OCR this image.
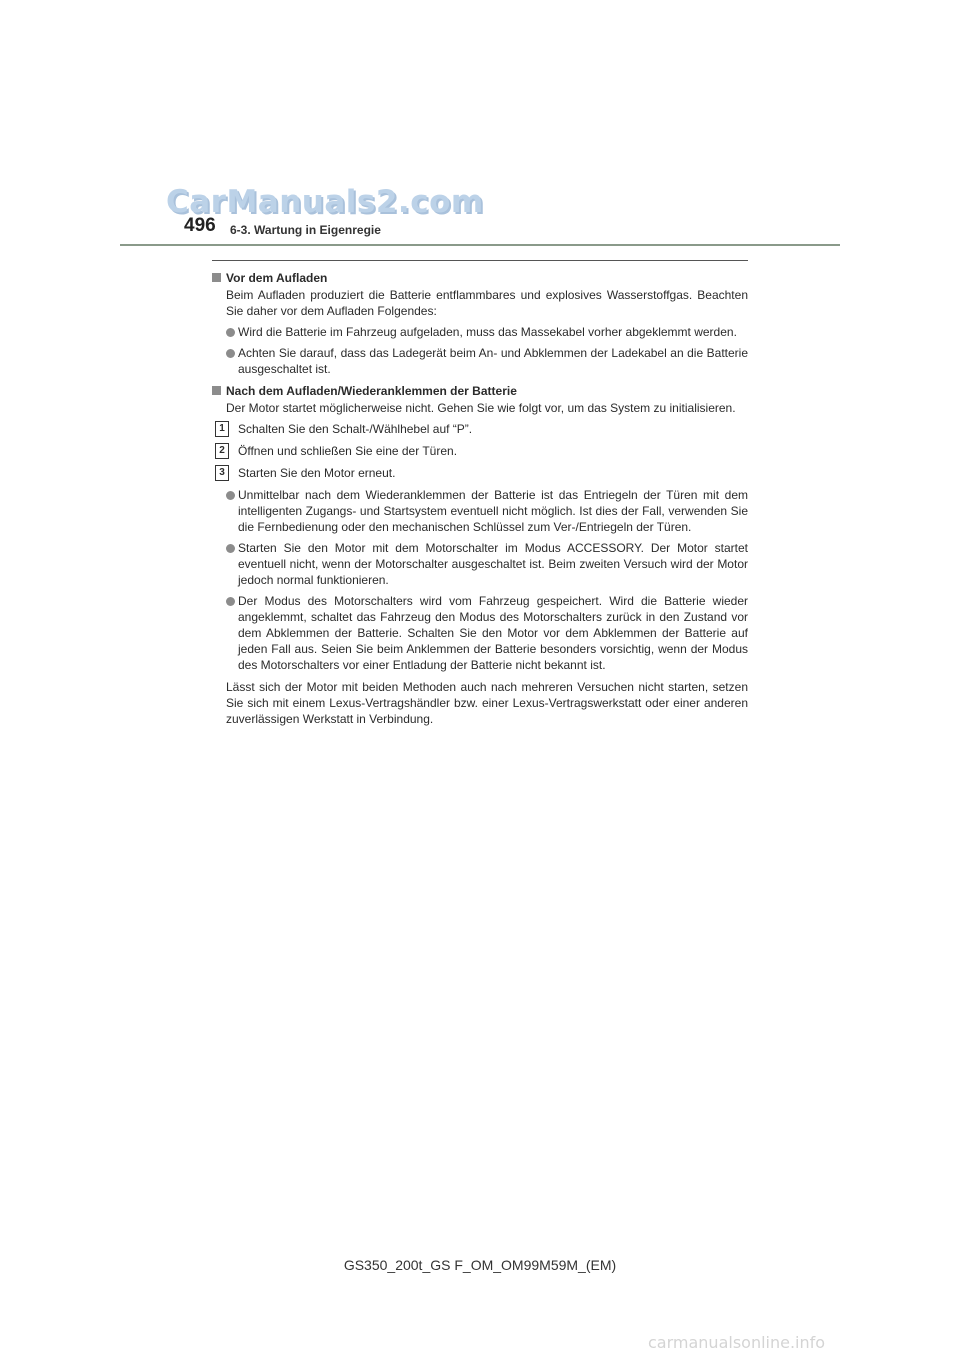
CarManuals2.com
496 6-3. Wartung in Eigenregie

Vor dem Aufladen

Beim Aufladen produziert die Batterie entflammbares und explosives Wasserstoffgas. Beachten Sie daher vor dem Aufladen Folgendes:

Wird die Batterie im Fahrzeug aufgeladen, muss das Massekabel vorher abgeklemmt werden.
Achten Sie darauf, dass das Ladegerät beim An- und Abklemmen der Ladekabel an die Batterie ausgeschaltet ist.

Nach dem Aufladen/Wiederanklemmen der Batterie

Der Motor startet möglicherweise nicht. Gehen Sie wie folgt vor, um das System zu initialisieren.

1	Schalten Sie den Schalt-/Wählhebel auf “P”.
2	Öffnen und schließen Sie eine der Türen.
3	Starten Sie den Motor erneut.
Unmittelbar nach dem Wiederanklemmen der Batterie ist das Entriegeln der Türen mit dem intelligenten Zugangs- und Startsystem eventuell nicht möglich. Ist dies der Fall, verwenden Sie die Fernbedienung oder den mechanischen Schlüssel zum Ver-/Entriegeln der Türen.
Starten Sie den Motor mit dem Motorschalter im Modus ACCESSORY. Der Motor startet eventuell nicht, wenn der Motorschalter ausgeschaltet ist. Beim zweiten Versuch wird der Motor jedoch normal funktionieren.
Der Modus des Motorschalters wird vom Fahrzeug gespeichert. Wird die Batterie wieder angeklemmt, schaltet das Fahrzeug den Modus des Motorschalters zurück in den Zustand vor dem Abklemmen der Batterie. Schalten Sie den Motor vor dem Abklemmen der Batterie auf jeden Fall aus. Seien Sie beim Anklemmen der Batterie besonders vorsichtig, wenn der Modus des Motorschalters vor einer Entladung der Batterie nicht bekannt ist.

Lässt sich der Motor mit beiden Methoden auch nach mehreren Versuchen nicht starten, setzen Sie sich mit einem Lexus-Vertragshändler bzw. einer Lexus-Vertragswerkstatt oder einer anderen zuverlässigen Werkstatt in Verbindung.

GS350_200t_GS F_OM_OM99M59M_(EM)
carmanualsonline.info
